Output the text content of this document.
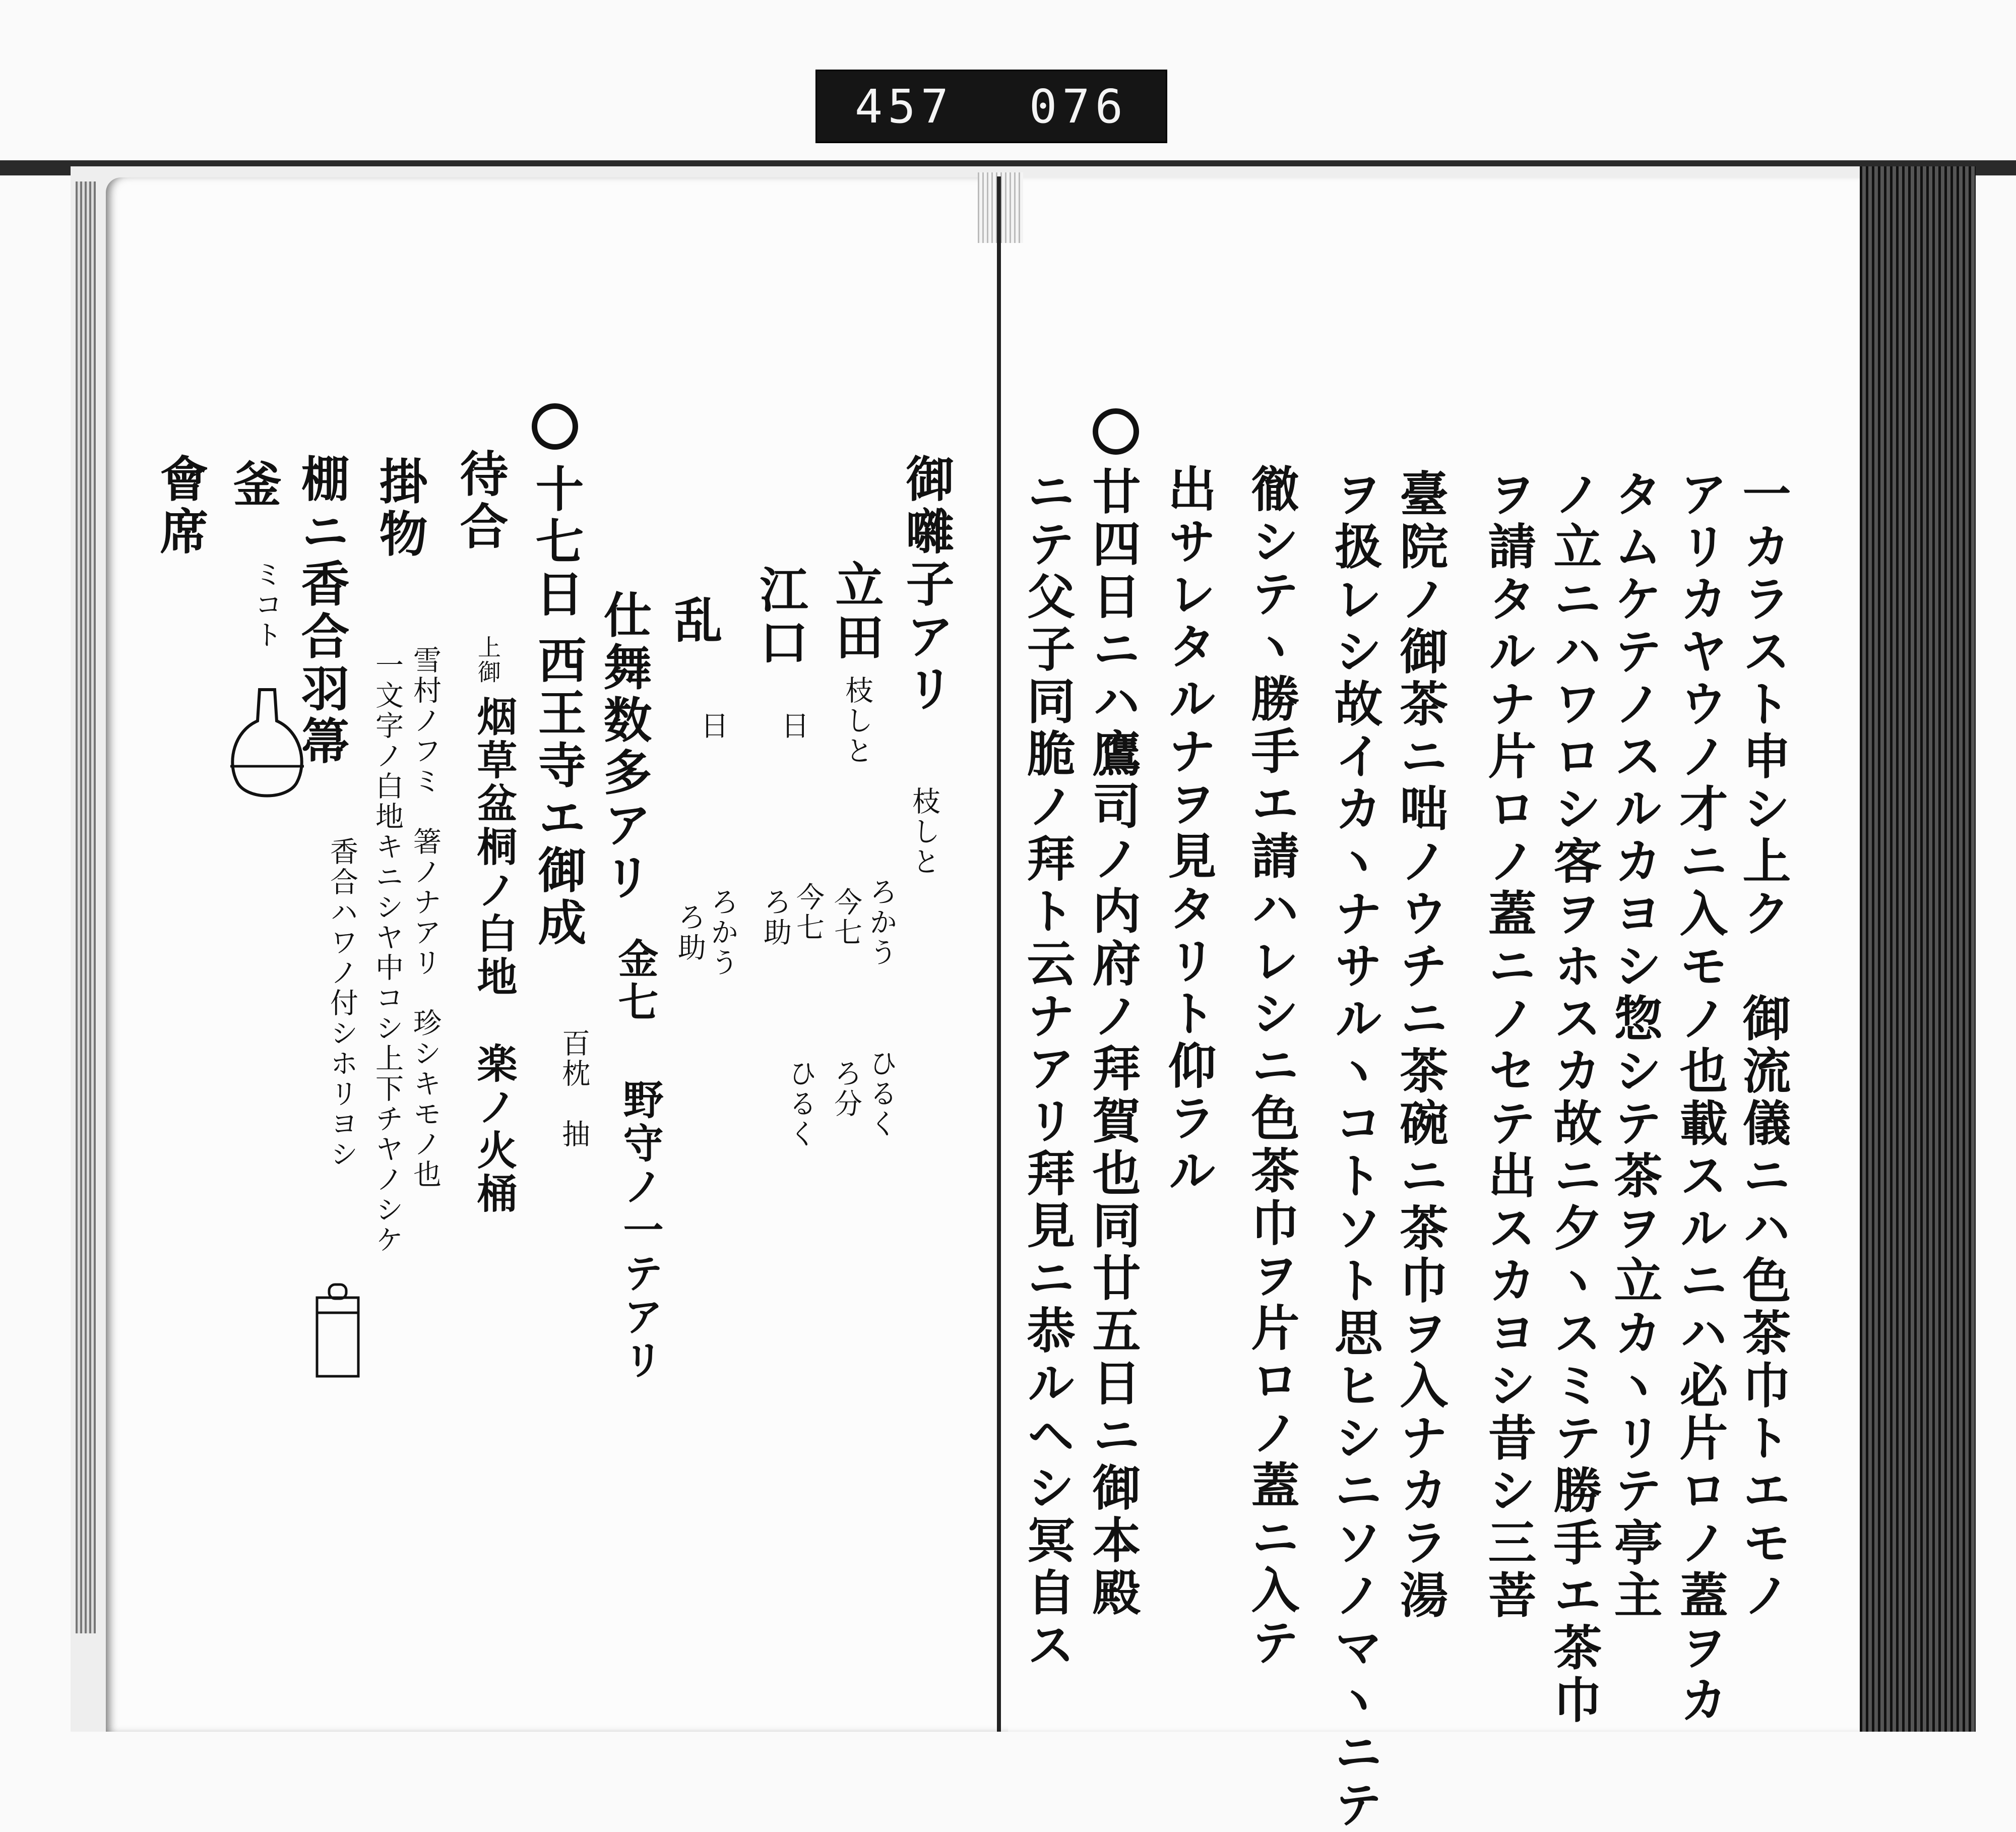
457 076
一カラスト申シ上ク　御流儀ニハ色茶巾トエモノ
アリカヤウノ才ニ入モノ也載スルニハ必片ロノ蓋ヲカ
タムケテノスルカヨシ惣シテ茶ヲ立カヽリテ亭主
ノ立ニハワロシ客ヲホスカ故ニ夕ヽスミテ勝手エ茶巾
ヲ請タルナ片ロノ蓋ニノセテ出スカヨシ昔シ三菩
臺院ノ御茶ニ咄ノウチニ茶碗ニ茶巾ヲ入ナカラ湯
ヲ扱レシ故イカヽナサルヽコトソト思ヒシニソノマヽニテ
徹シテヽ勝手エ請ハレシニ色茶巾ヲ片ロノ蓋ニ入テ
出サレタルナヲ見タリト仰ラル
廿四日ニハ鷹司ノ内府ノ拜賀也同廿五日ニ御本殿
ニテ父子同脆ノ拜ト云ナアリ拜見ニ恭ルヘシ冥自ス
御囃子アリ
枝しと
立田
枝しと
ろかう
ひるく
今七
ろ分
江口
日
今七
ろ助
ひるく
乱
日
ろかう
ろ助
仕舞数多アリ
金七
野守ノ一テアリ
十七日
西王寺エ御成
百枕　抽
待合
上御
烟草盆桐ノ白地　楽ノ火桶
掛物
雪村ノフミ　箸ノナアリ　珍シキモノ也
一文字ノ白地キニシヤ中コシ上下チヤノシケ
棚ニ香合羽箒
香合ハワノ付シホリヨシ
釜
ミコト
會席
